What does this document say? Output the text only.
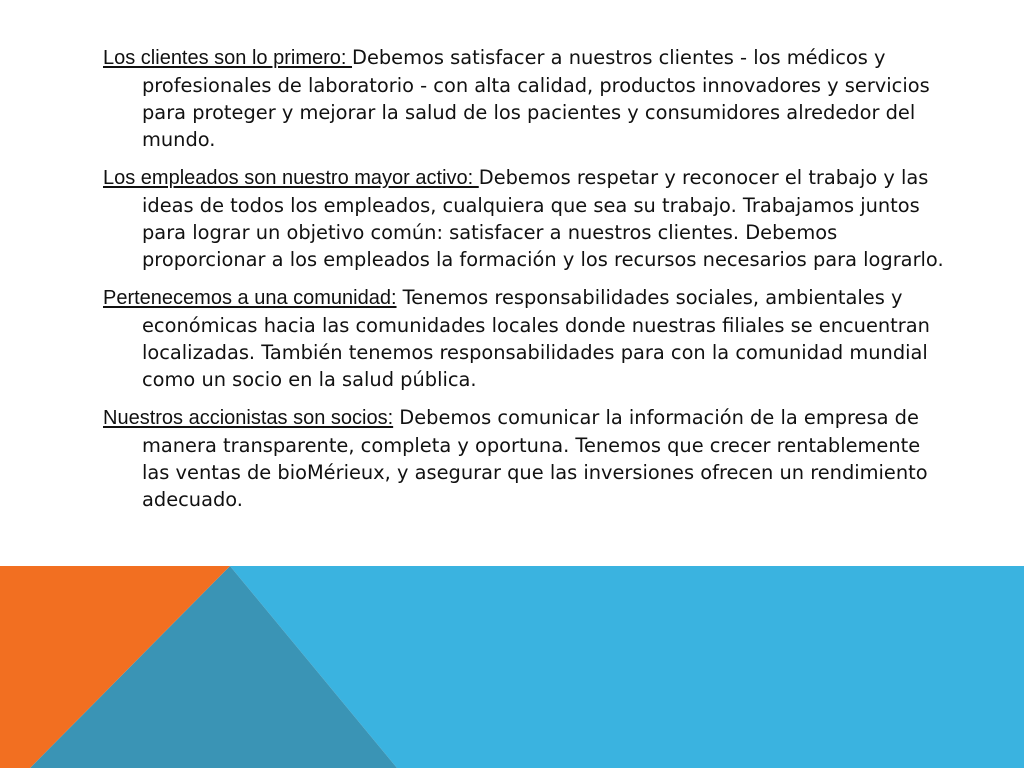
Los clientes son lo primero: Debemos satisfacer a nuestros clientes - los médicos y profesionales de laboratorio - con alta calidad, productos innovadores y servicios para proteger y mejorar la salud de los pacientes y consumidores alrededor del mundo.

Los empleados son nuestro mayor activo: Debemos respetar y reconocer el trabajo y las ideas de todos los empleados, cualquiera que sea su trabajo. Trabajamos juntos para lograr un objetivo común: satisfacer a nuestros clientes. Debemos proporcionar a los empleados la formación y los recursos necesarios para lograrlo.

Pertenecemos a una comunidad: Tenemos responsabilidades sociales, ambientales y económicas hacia las comunidades locales donde nuestras filiales se encuentran localizadas. También tenemos responsabilidades para con la comunidad mundial como un socio en la salud pública.

Nuestros accionistas son socios: Debemos comunicar la información de la empresa de manera transparente, completa y oportuna. Tenemos que crecer rentablemente las ventas de bioMérieux, y asegurar que las inversiones ofrecen un rendimiento adecuado.
